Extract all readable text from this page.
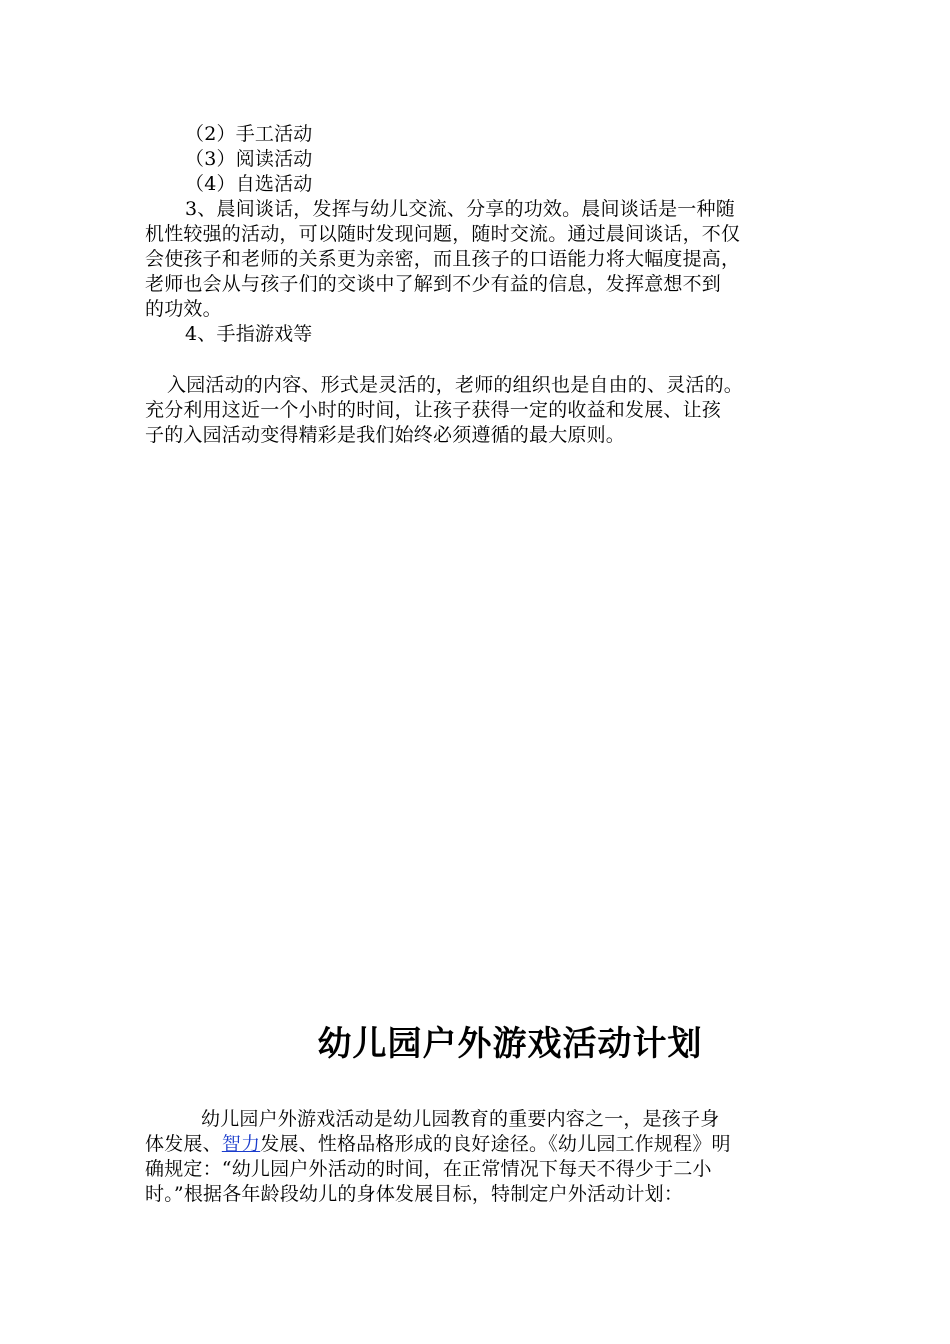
（2）手工活动
（3）阅读活动
（4）自选活动
3、晨间谈话，发挥与幼儿交流、分享的功效。晨间谈话是一种随
机性较强的活动，可以随时发现问题，随时交流。通过晨间谈话，不仅
会使孩子和老师的关系更为亲密，而且孩子的口语能力将大幅度提高，
老师也会从与孩子们的交谈中了解到不少有益的信息，发挥意想不到
的功效。
4、手指游戏等
入园活动的内容、形式是灵活的，老师的组织也是自由的、灵活的。
充分利用这近一个小时的时间，让孩子获得一定的收益和发展、让孩
子的入园活动变得精彩是我们始终必须遵循的最大原则。
幼儿园户外游戏活动计划
幼儿园户外游戏活动是幼儿园教育的重要内容之一，是孩子身
体发展、智力发展、性格品格形成的良好途径。《幼儿园工作规程》明
确规定：“幼儿园户外活动的时间，在正常情况下每天不得少于二小
时。”根据各年龄段幼儿的身体发展目标，特制定户外活动计划：
